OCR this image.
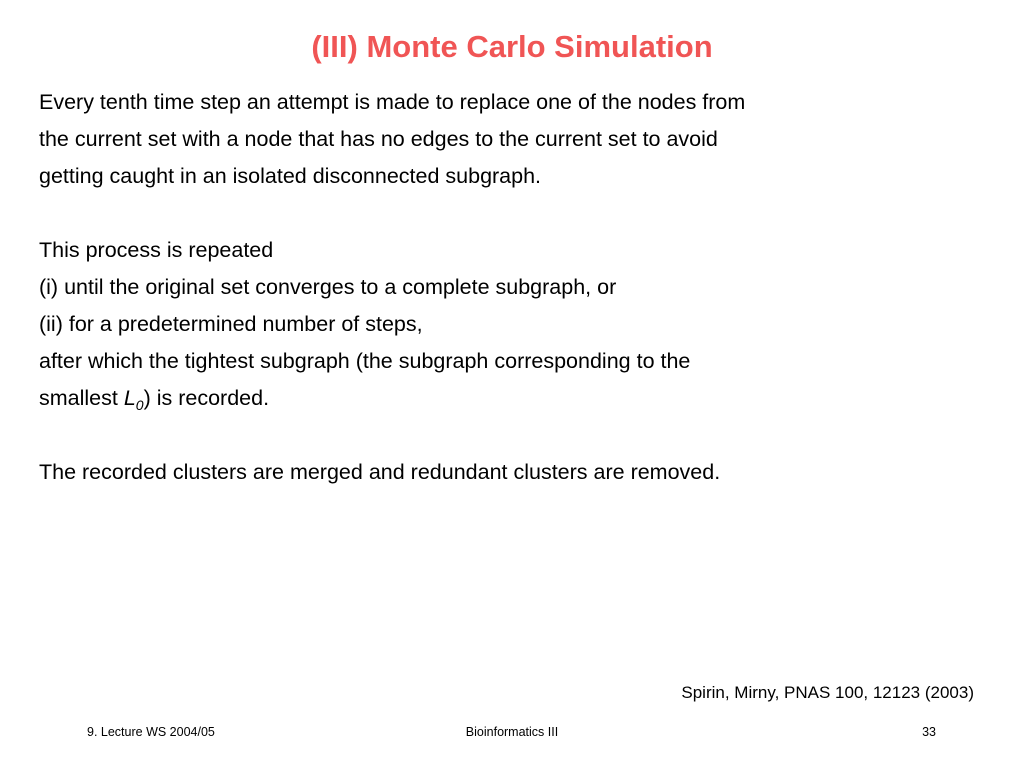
(III) Monte Carlo Simulation

Every tenth time step an attempt is made to replace one of the nodes from
the current set with a node that has no edges to the current set to avoid
getting caught in an isolated disconnected subgraph.

This process is repeated
(i) until the original set converges to a complete subgraph, or
(ii) for a predetermined number of steps,
after which the tightest subgraph (the subgraph corresponding to the
smallest $L_0$) is recorded.

The recorded clusters are merged and redundant clusters are removed.

Spirin, Mirny, PNAS 100, 12123 (2003)
9. Lecture WS 2004/05	Bioinformatics III	33
